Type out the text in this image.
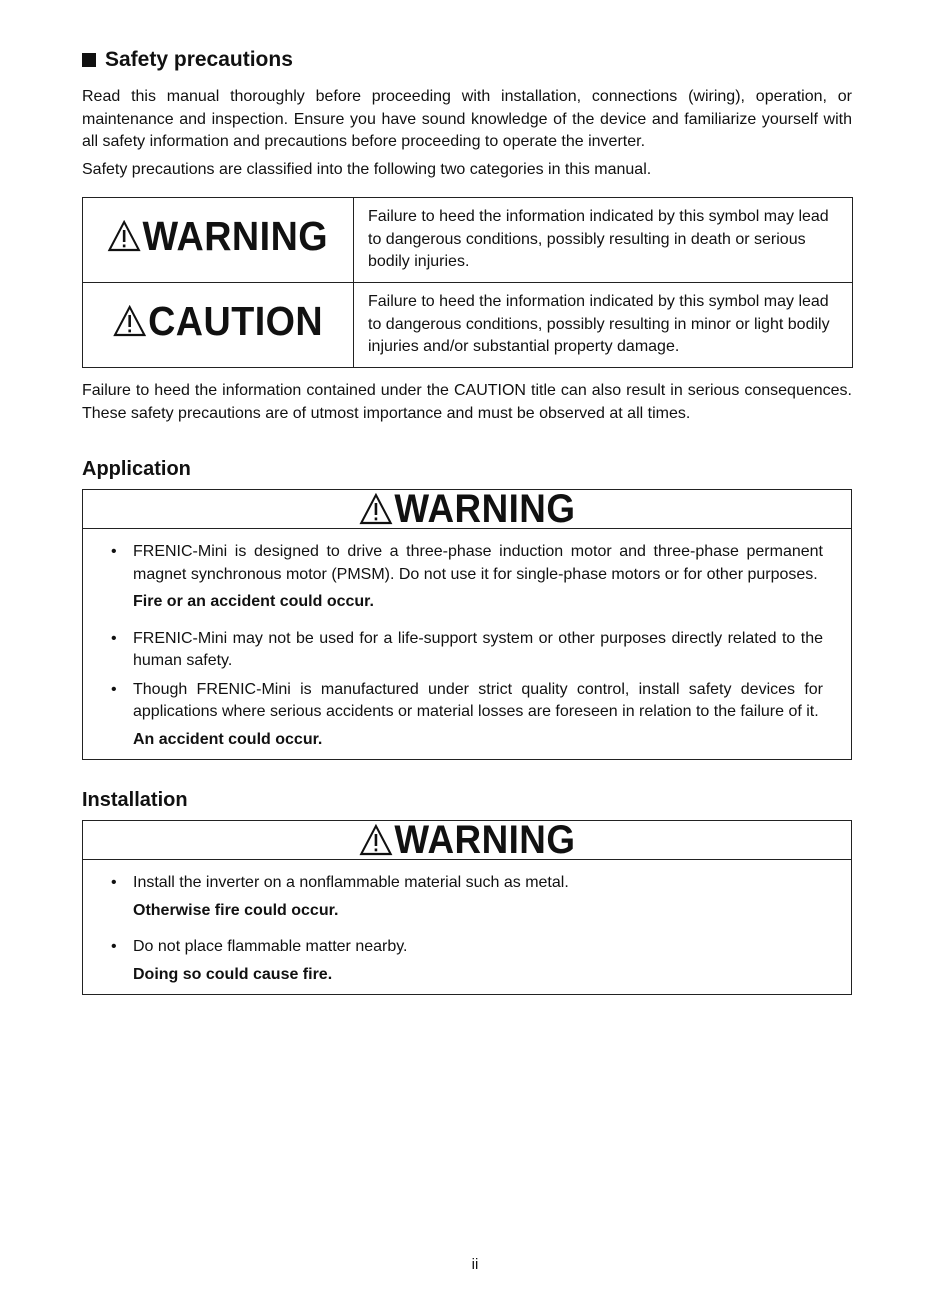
Safety precautions

Read this manual thoroughly before proceeding with installation, connections (wiring), operation, or maintenance and inspection. Ensure you have sound knowledge of the device and familiarize yourself with all safety information and precautions before proceeding to operate the inverter.

Safety precautions are classified into the following two categories in this manual.

WARNING	Failure to heed the information indicated by this symbol may lead to dangerous conditions, possibly resulting in death or serious bodily injuries.

CAUTION	Failure to heed the information indicated by this symbol may lead to dangerous conditions, possibly resulting in minor or light bodily injuries and/or substantial property damage.

Failure to heed the information contained under the CAUTION title can also result in serious consequences. These safety precautions are of utmost importance and must be observed at all times.

Application
WARNING
• FRENIC-Mini is designed to drive a three-phase induction motor and three-phase permanent magnet synchronous motor (PMSM). Do not use it for single-phase motors or for other purposes.
Fire or an accident could occur.
• FRENIC-Mini may not be used for a life-support system or other purposes directly related to the human safety.
• Though FRENIC-Mini is manufactured under strict quality control, install safety devices for applications where serious accidents or material losses are foreseen in relation to the failure of it.
An accident could occur.
Installation
WARNING
• Install the inverter on a nonflammable material such as metal.
Otherwise fire could occur.
• Do not place flammable matter nearby.
Doing so could cause fire.
ii
